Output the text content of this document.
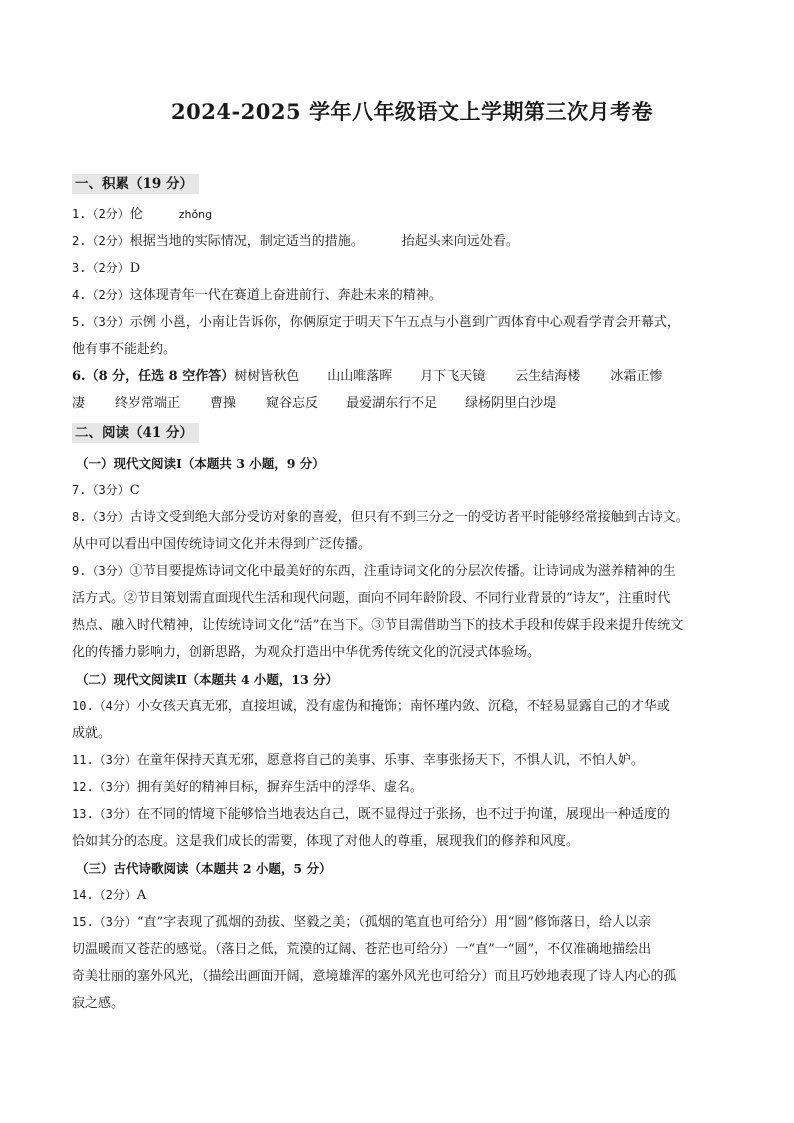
2024-2025 学年八年级语文上学期第三次月考卷
一、积累（19 分）
1.（2分）伦	zhǒng
2.（2分）根据当地的实际情况，制定适当的措施。	抬起头来向远处看。
3.（2分）D
4.（2分）这体现青年一代在赛道上奋进前行、奔赴未来的精神。
5.（3分）示例 小邕，小南让告诉你，你俩原定于明天下午五点与小邕到广西体育中心观看学青会开幕式，
他有事不能赴约。
6.（8 分，任选 8 空作答）树树皆秋色 山山唯落晖 月下飞天镜 云生结海楼 冰霜正惨
凄 终岁常端正 曹操 窥谷忘反 最爱湖东行不足 绿杨阴里白沙堤
二、阅读（41 分）
（一）现代文阅读Ⅰ（本题共 3 小题，9 分）
7.（3分）C
8.（3分）古诗文受到绝大部分受访对象的喜爱，但只有不到三分之一的受访者平时能够经常接触到古诗文。
从中可以看出中国传统诗词文化并未得到广泛传播。
9.（3分）①节目要提炼诗词文化中最美好的东西，注重诗词文化的分层次传播。让诗词成为滋养精神的生
活方式。②节目策划需直面现代生活和现代问题，面向不同年龄阶段、不同行业背景的“诗友”，注重时代
热点、融入时代精神，让传统诗词文化“活”在当下。③节目需借助当下的技术手段和传媒手段来提升传统文
化的传播力影响力，创新思路，为观众打造出中华优秀传统文化的沉浸式体验场。
（二）现代文阅读Ⅱ（本题共 4 小题，13 分）
10.（4分）小女孩天真无邪，直接坦诚，没有虚伪和掩饰；南怀瑾内敛、沉稳，不轻易显露自己的才华或
成就。
11.（3分）在童年保持天真无邪，愿意将自己的美事、乐事、幸事张扬天下，不惧人讥，不怕人妒。
12.（3分）拥有美好的精神目标，摒弃生活中的浮华、虚名。
13.（3分）在不同的情境下能够恰当地表达自己，既不显得过于张扬，也不过于拘谨，展现出一种适度的
恰如其分的态度。这是我们成长的需要，体现了对他人的尊重，展现我们的修养和风度。
（三）古代诗歌阅读（本题共 2 小题，5 分）
14.（2分）A
15.（3分）“直”字表现了孤烟的劲拔、坚毅之美；（孤烟的笔直也可给分）用“圆”修饰落日，给人以亲
切温暖而又苍茫的感觉。（落日之低，荒漠的辽阔、苍茫也可给分）一“直”一“圆”，不仅准确地描绘出
奇美壮丽的塞外风光，（描绘出画面开阔，意境雄浑的塞外风光也可给分）而且巧妙地表现了诗人内心的孤
寂之感。
